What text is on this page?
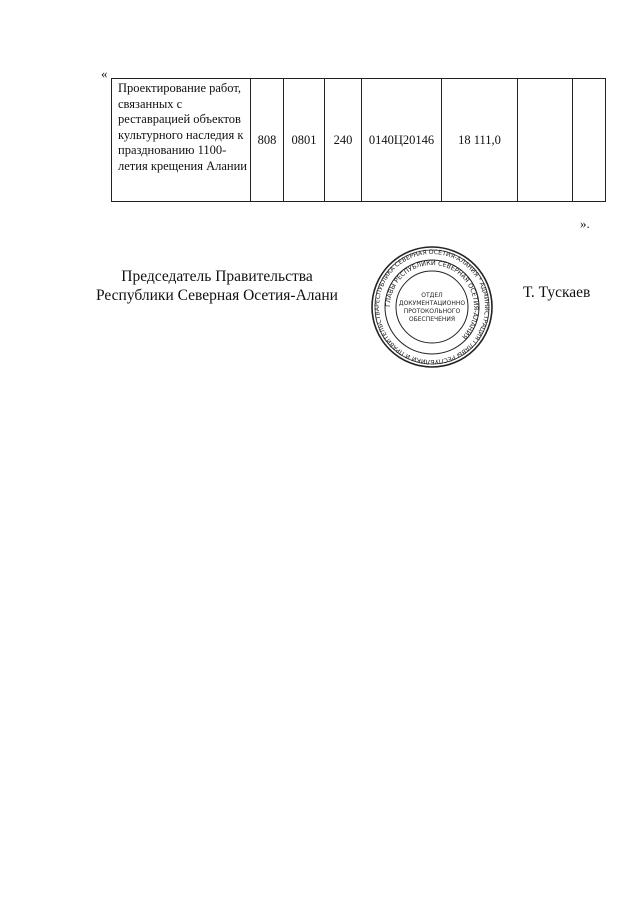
«
Проектирование работ, связанных с реставрацией объектов культурного наследия к празднованию 1100-летия крещения Алании	808	0801	240	0140Ц20146	18 111,0		
».
Председатель Правительства
Республики Северная Осетия-Алани
РЕСПУБЛИКА СЕВЕРНАЯ ОСЕТИЯ-АЛАНИЯ * АДМИНИСТРАЦИЯ ГЛАВЫ РЕСПУБЛИКИ И ПРАВИТЕЛЬСТВА
ГЛАВЫ РЕСПУБЛИКИ СЕВЕРНАЯ ОСЕТИЯ-АЛАНИЯ
ОТДЕЛ
ДОКУМЕНТАЦИОННО
ПРОТОКОЛЬНОГО
ОБЕСПЕЧЕНИЯ
Т. Тускаев
